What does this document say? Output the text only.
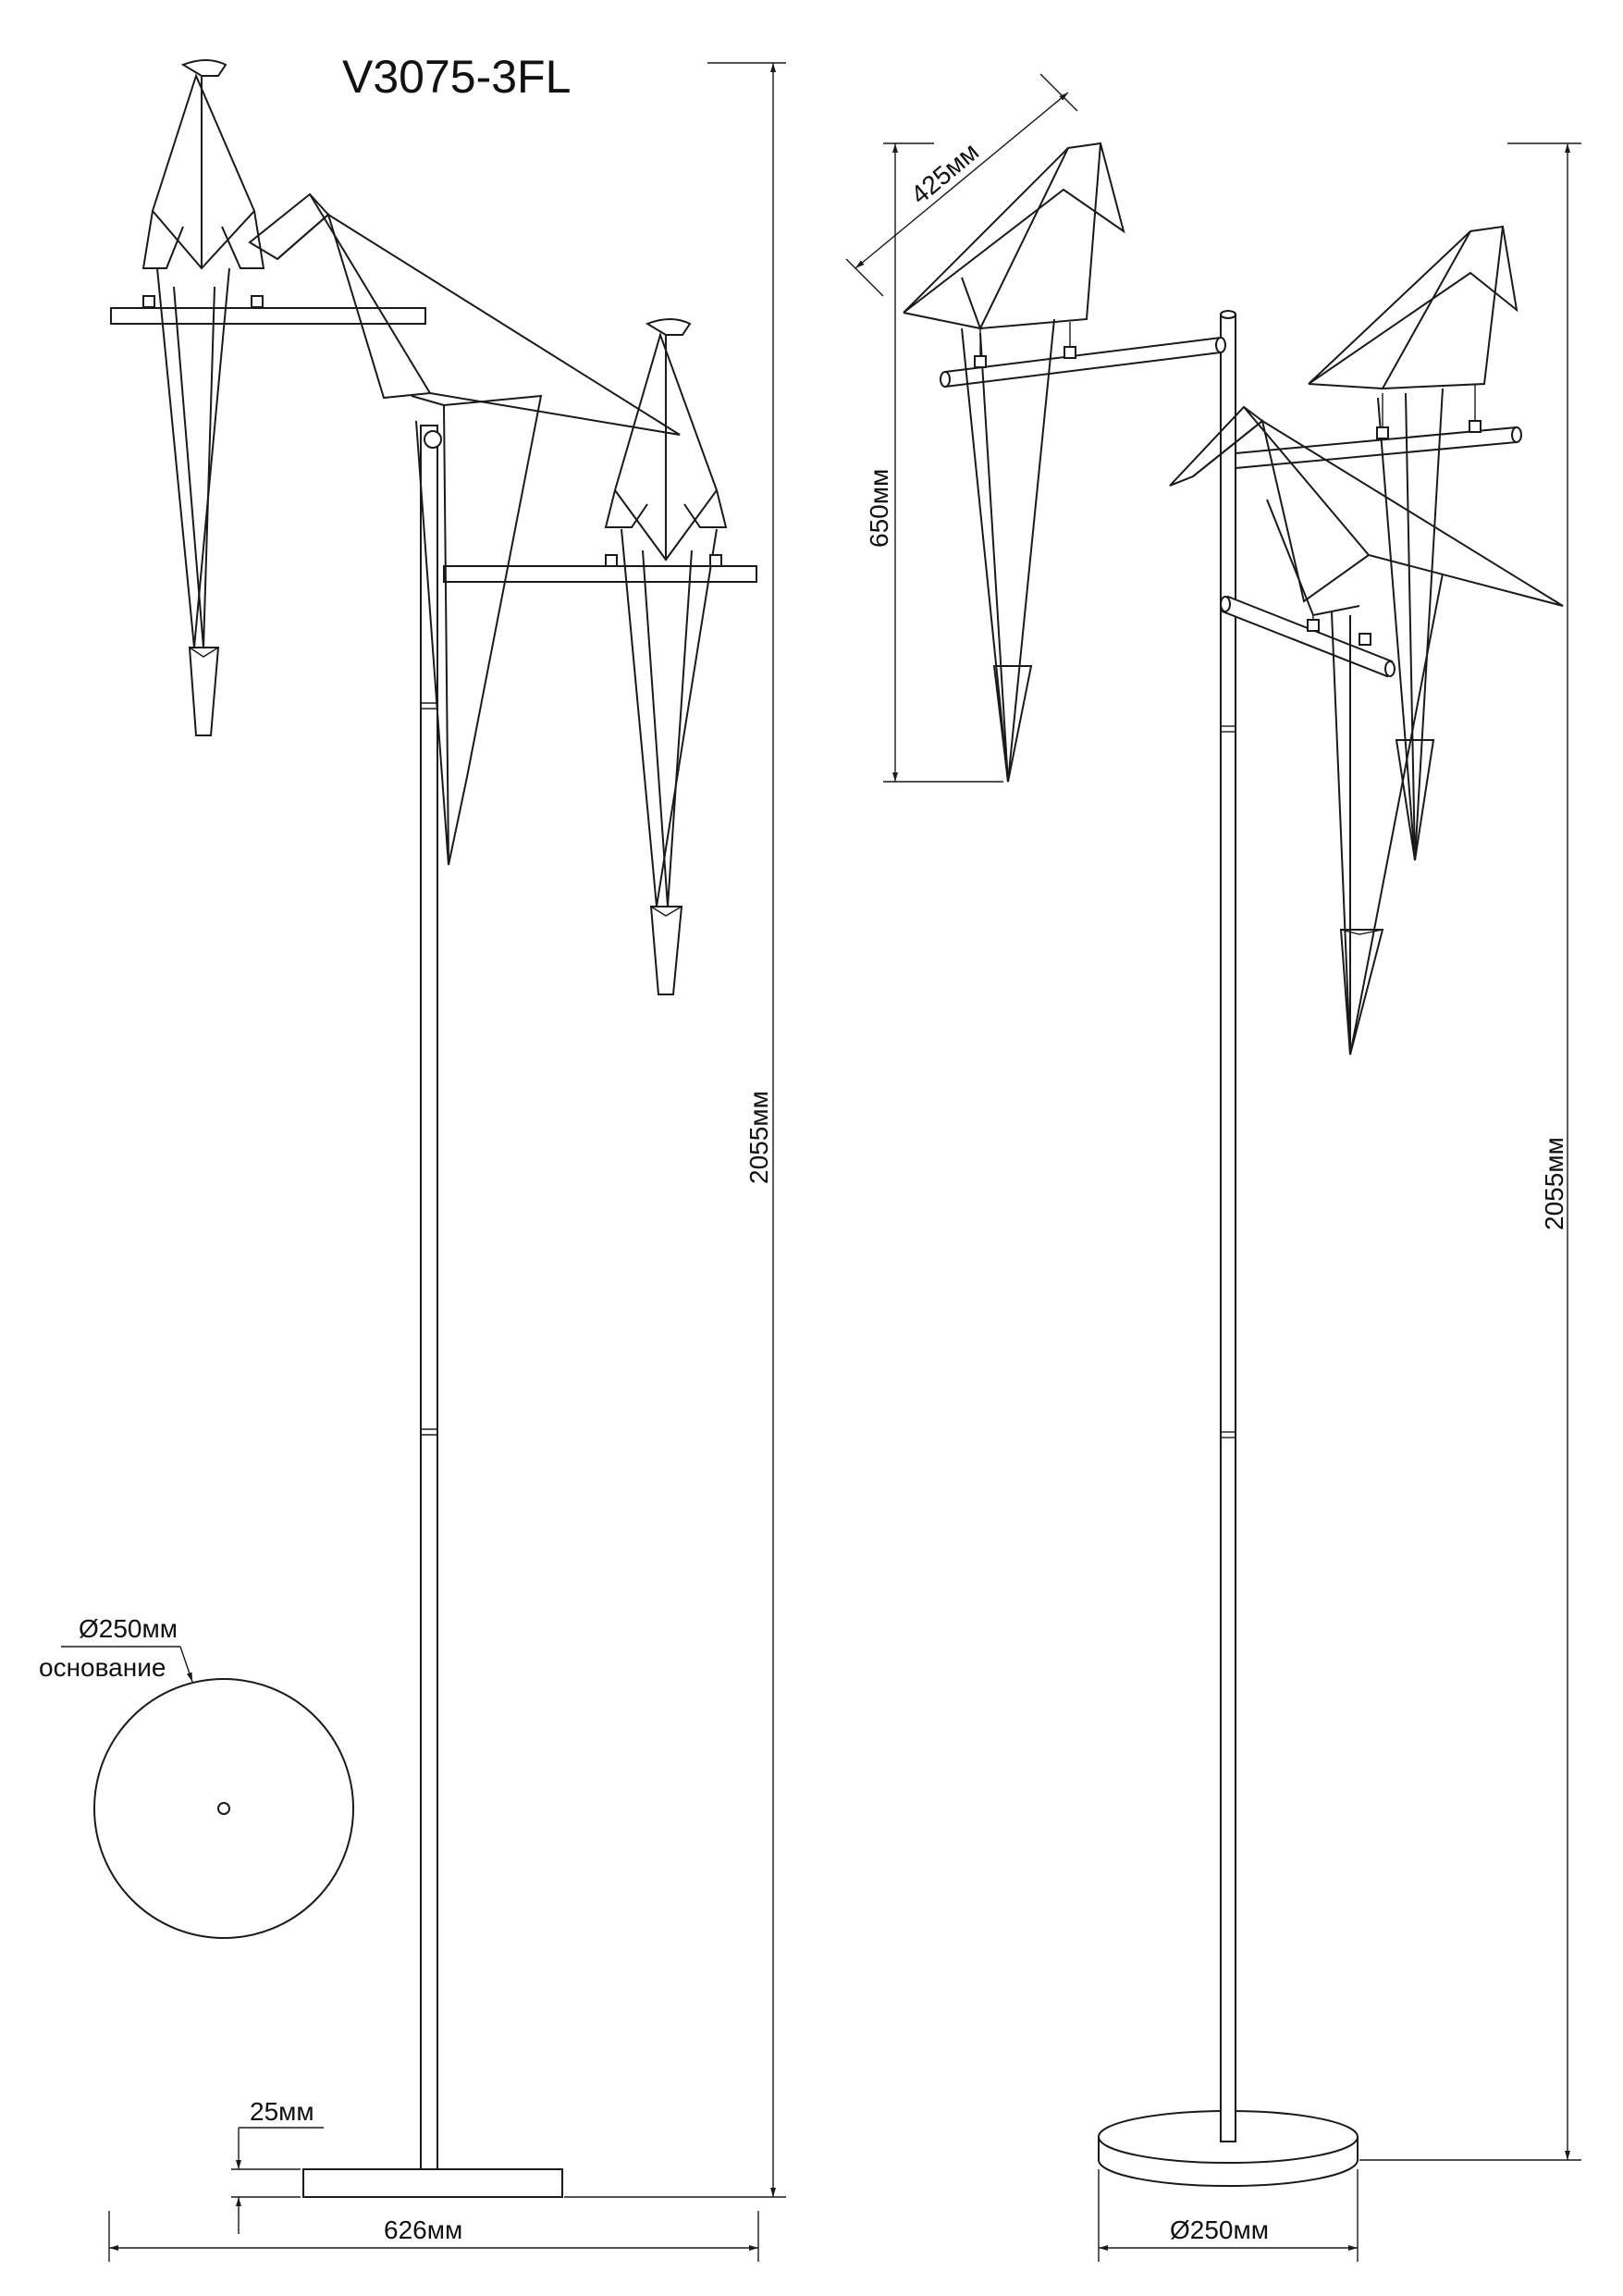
V3075-3FL
2055мм
626мм
25мм
Ø250мм
основание
2055мм
Ø250мм
650мм
425мм
